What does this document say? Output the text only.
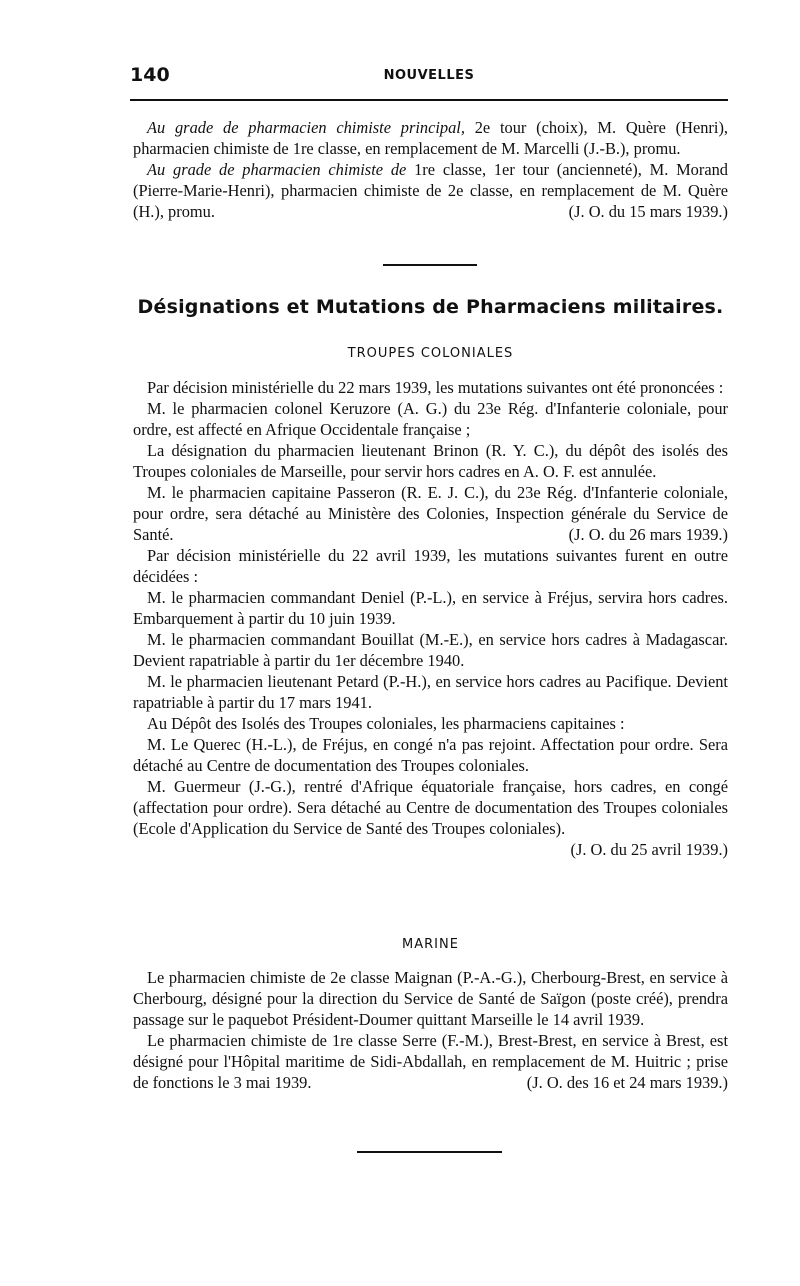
140	NOUVELLES

Au grade de pharmacien chimiste principal, 2e tour (choix), M. Quère (Henri), pharmacien chimiste de 1re classe, en remplacement de M. Marcelli (J.-B.), promu.

Au grade de pharmacien chimiste de 1re classe, 1er tour (ancienneté), M. Morand (Pierre-Marie-Henri), pharmacien chimiste de 2e classe, en remplacement de M. Quère (H.), promu.	(J. O. du 15 mars 1939.)

Désignations et Mutations de Pharmaciens militaires.
TROUPES COLONIALES

Par décision ministérielle du 22 mars 1939, les mutations suivantes ont été prononcées :

M. le pharmacien colonel Keruzore (A. G.) du 23e Rég. d'Infanterie coloniale, pour ordre, est affecté en Afrique Occidentale française ;

La désignation du pharmacien lieutenant Brinon (R. Y. C.), du dépôt des isolés des Troupes coloniales de Marseille, pour servir hors cadres en A. O. F. est annulée.

M. le pharmacien capitaine Passeron (R. E. J. C.), du 23e Rég. d'Infanterie coloniale, pour ordre, sera détaché au Ministère des Colonies, Inspection générale du Service de Santé.	(J. O. du 26 mars 1939.)

Par décision ministérielle du 22 avril 1939, les mutations suivantes furent en outre décidées :

M. le pharmacien commandant Deniel (P.-L.), en service à Fréjus, servira hors cadres. Embarquement à partir du 10 juin 1939.

M. le pharmacien commandant Bouillat (M.-E.), en service hors cadres à Madagascar. Devient rapatriable à partir du 1er décembre 1940.

M. le pharmacien lieutenant Petard (P.-H.), en service hors cadres au Pacifique. Devient rapatriable à partir du 17 mars 1941.

Au Dépôt des Isolés des Troupes coloniales, les pharmaciens capitaines :

M. Le Querec (H.-L.), de Fréjus, en congé n'a pas rejoint. Affectation pour ordre. Sera détaché au Centre de documentation des Troupes coloniales.

M. Guermeur (J.-G.), rentré d'Afrique équatoriale française, hors cadres, en congé (affectation pour ordre). Sera détaché au Centre de documentation des Troupes coloniales (Ecole d'Application du Service de Santé des Troupes coloniales).
(J. O. du 25 avril 1939.)

MARINE

Le pharmacien chimiste de 2e classe Maignan (P.-A.-G.), Cherbourg-Brest, en service à Cherbourg, désigné pour la direction du Service de Santé de Saïgon (poste créé), prendra passage sur le paquebot Président-Doumer quittant Marseille le 14 avril 1939.

Le pharmacien chimiste de 1re classe Serre (F.-M.), Brest-Brest, en service à Brest, est désigné pour l'Hôpital maritime de Sidi-Abdallah, en remplacement de M. Huitric ; prise de fonctions le 3 mai 1939.	(J. O. des 16 et 24 mars 1939.)
